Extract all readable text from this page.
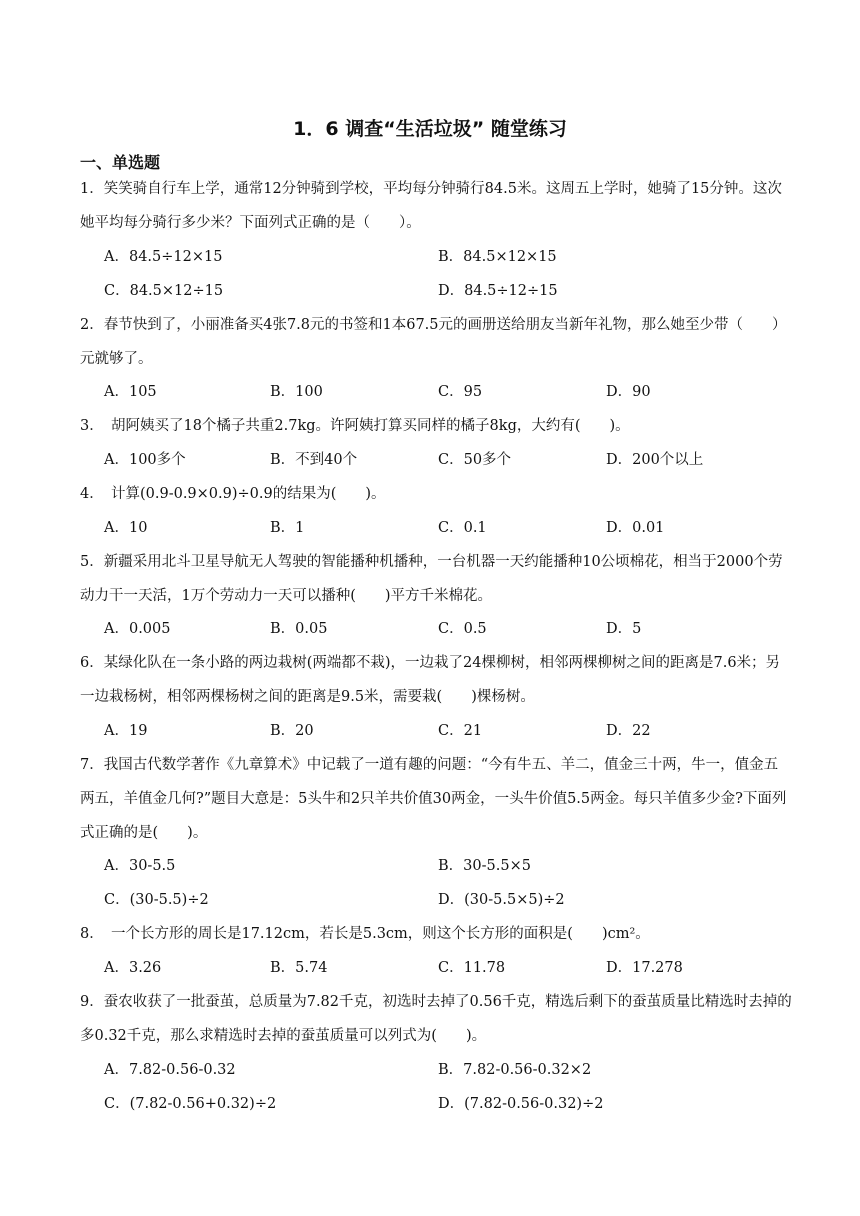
1．6 调查“生活垃圾” 随堂练习
一、单选题
1．笑笑骑自行车上学，通常12分钟骑到学校，平均每分钟骑行84.5米。这周五上学时，她骑了15分钟。这次她平均每分骑行多少米？下面列式正确的是（　　）。
A．84.5÷12×15	B．84.5×12×15
C．84.5×12÷15	D．84.5÷12÷15
2．春节快到了，小丽准备买4张7.8元的书签和1本67.5元的画册送给朋友当新年礼物，那么她至少带（　　）元就够了。
A．105	B．100	C．95	D．90
3．　胡阿姨买了18个橘子共重2.7kg。许阿姨打算买同样的橘子8kg，大约有(　　)。
A．100多个	B．不到40个	C．50多个	D．200个以上
4．　计算(0.9-0.9×0.9)÷0.9的结果为(　　)。
A．10	B．1	C．0.1	D．0.01
5．新疆采用北斗卫星导航无人驾驶的智能播种机播种，一台机器一天约能播种10公顷棉花，相当于2000个劳动力干一天活，1万个劳动力一天可以播种(　　)平方千米棉花。
A．0.005	B．0.05	C．0.5	D．5
6．某绿化队在一条小路的两边栽树(两端都不栽)，一边栽了24棵柳树，相邻两棵柳树之间的距离是7.6米；另一边栽杨树，相邻两棵杨树之间的距离是9.5米，需要栽(　　)棵杨树。
A．19	B．20	C．21	D．22
7．我国古代数学著作《九章算术》中记载了一道有趣的问题：“今有牛五、羊二，值金三十两，牛一，值金五两五，羊值金几何?”题目大意是：5头牛和2只羊共价值30两金，一头牛价值5.5两金。每只羊值多少金?下面列式正确的是(　　)。
A．30-5.5	B．30-5.5×5
C．(30-5.5)÷2	D．(30-5.5×5)÷2
8．　一个长方形的周长是17.12cm，若长是5.3cm，则这个长方形的面积是(　　)cm²。
A．3.26	B．5.74	C．11.78	D．17.278
9．蚕农收获了一批蚕茧，总质量为7.82千克，初选时去掉了0.56千克，精选后剩下的蚕茧质量比精选时去掉的多0.32千克，那么求精选时去掉的蚕茧质量可以列式为(　　)。
A．7.82-0.56-0.32	B．7.82-0.56-0.32×2
C．(7.82-0.56+0.32)÷2	D．(7.82-0.56-0.32)÷2
